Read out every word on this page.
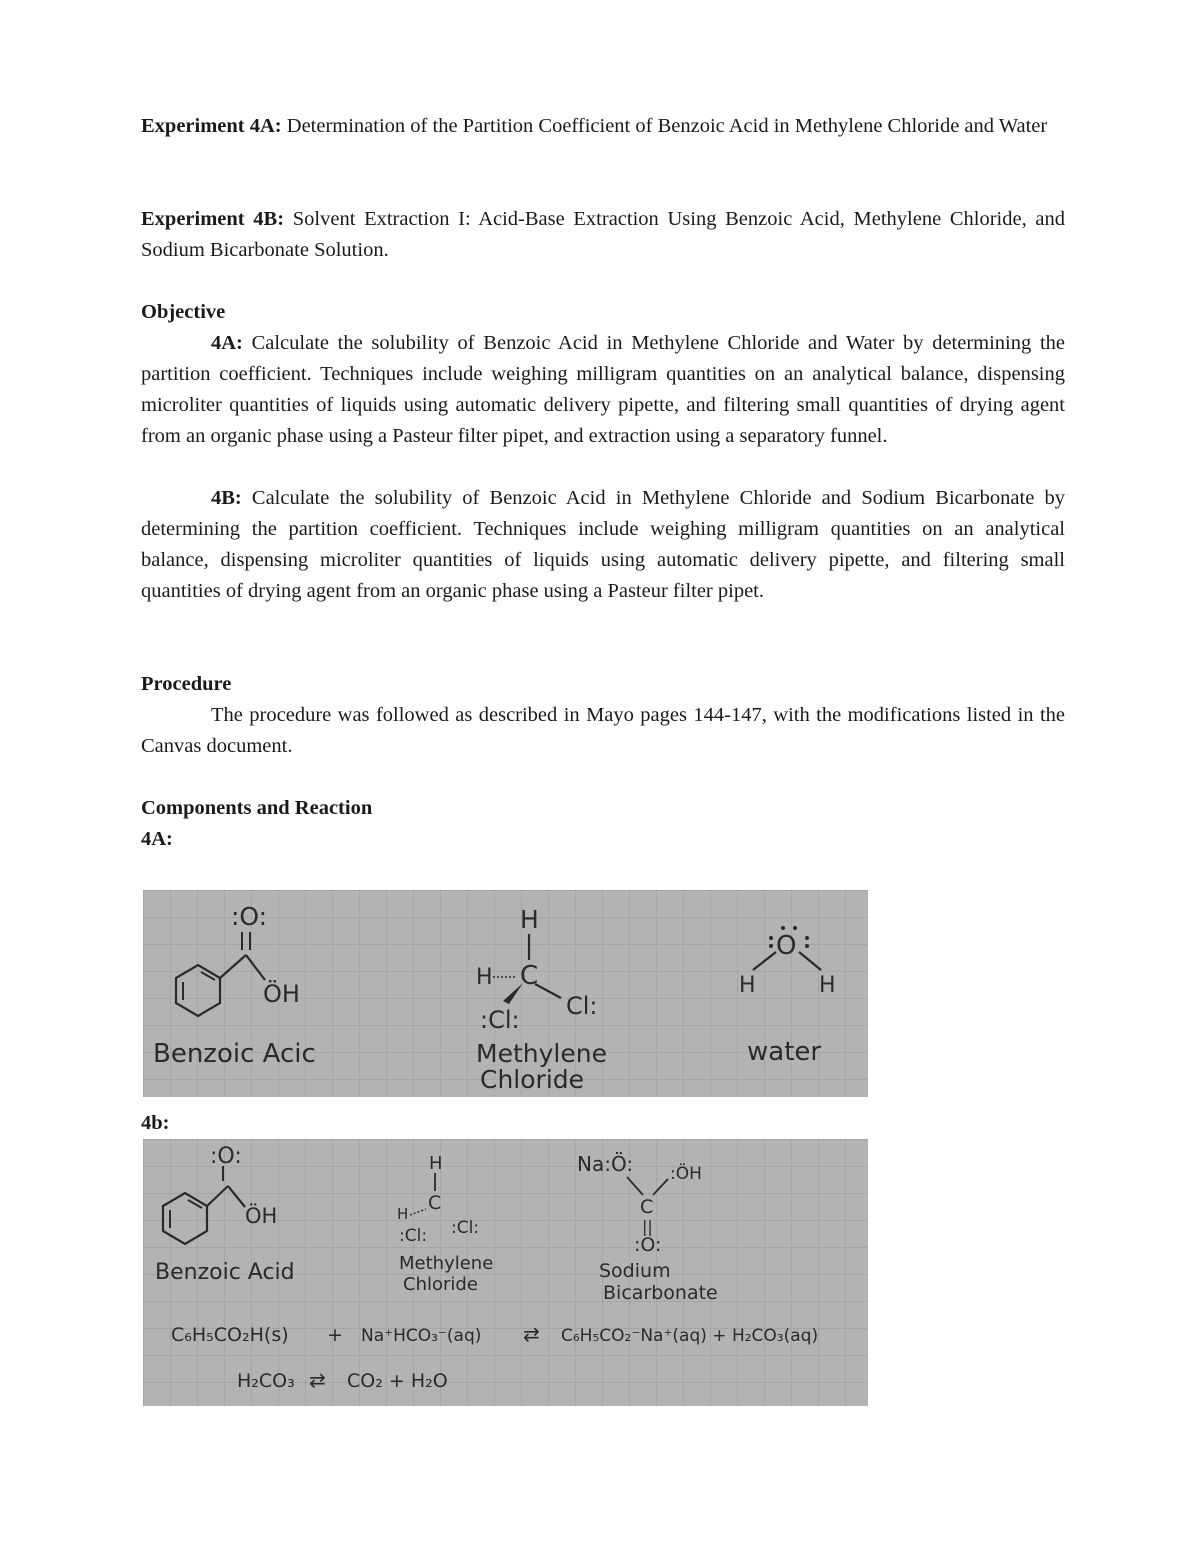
Experiment 4A: Determination of the Partition Coefficient of Benzoic Acid in Methylene Chloride and Water

Experiment 4B: Solvent Extraction I: Acid-Base Extraction Using Benzoic Acid, Methylene Chloride, and Sodium Bicarbonate Solution.

Objective

4A: Calculate the solubility of Benzoic Acid in Methylene Chloride and Water by determining the partition coefficient. Techniques include weighing milligram quantities on an analytical balance, dispensing microliter quantities of liquids using automatic delivery pipette, and filtering small quantities of drying agent from an organic phase using a Pasteur filter pipet, and extraction using a separatory funnel.

4B: Calculate the solubility of Benzoic Acid in Methylene Chloride and Sodium Bicarbonate by determining the partition coefficient. Techniques include weighing milligram quantities on an analytical balance, dispensing microliter quantities of liquids using automatic delivery pipette, and filtering small quantities of drying agent from an organic phase using a Pasteur filter pipet.

Procedure

The procedure was followed as described in Mayo pages 144-147, with the modifications listed in the Canvas document.

Components and Reaction

4A:

:O:
ÖH
Benzoic Acic
H
C
H
:Cl: Cl:
Methylene
Chloride
O
H	H
water

4b:

:O:
ÖH
Benzoic Acid
H
C
H
:Cl: :Cl:
Methylene
Chloride
Na:Ö: :ÖH
C
||
:O:
Sodium
Bicarbonate
C₆H₅CO₂H(s) + Na⁺HCO₃⁻(aq) ⇄ C₆H₅CO₂⁻Na⁺(aq) + H₂CO₃(aq)
H₂CO₃ ⇄ CO₂ + H₂O
